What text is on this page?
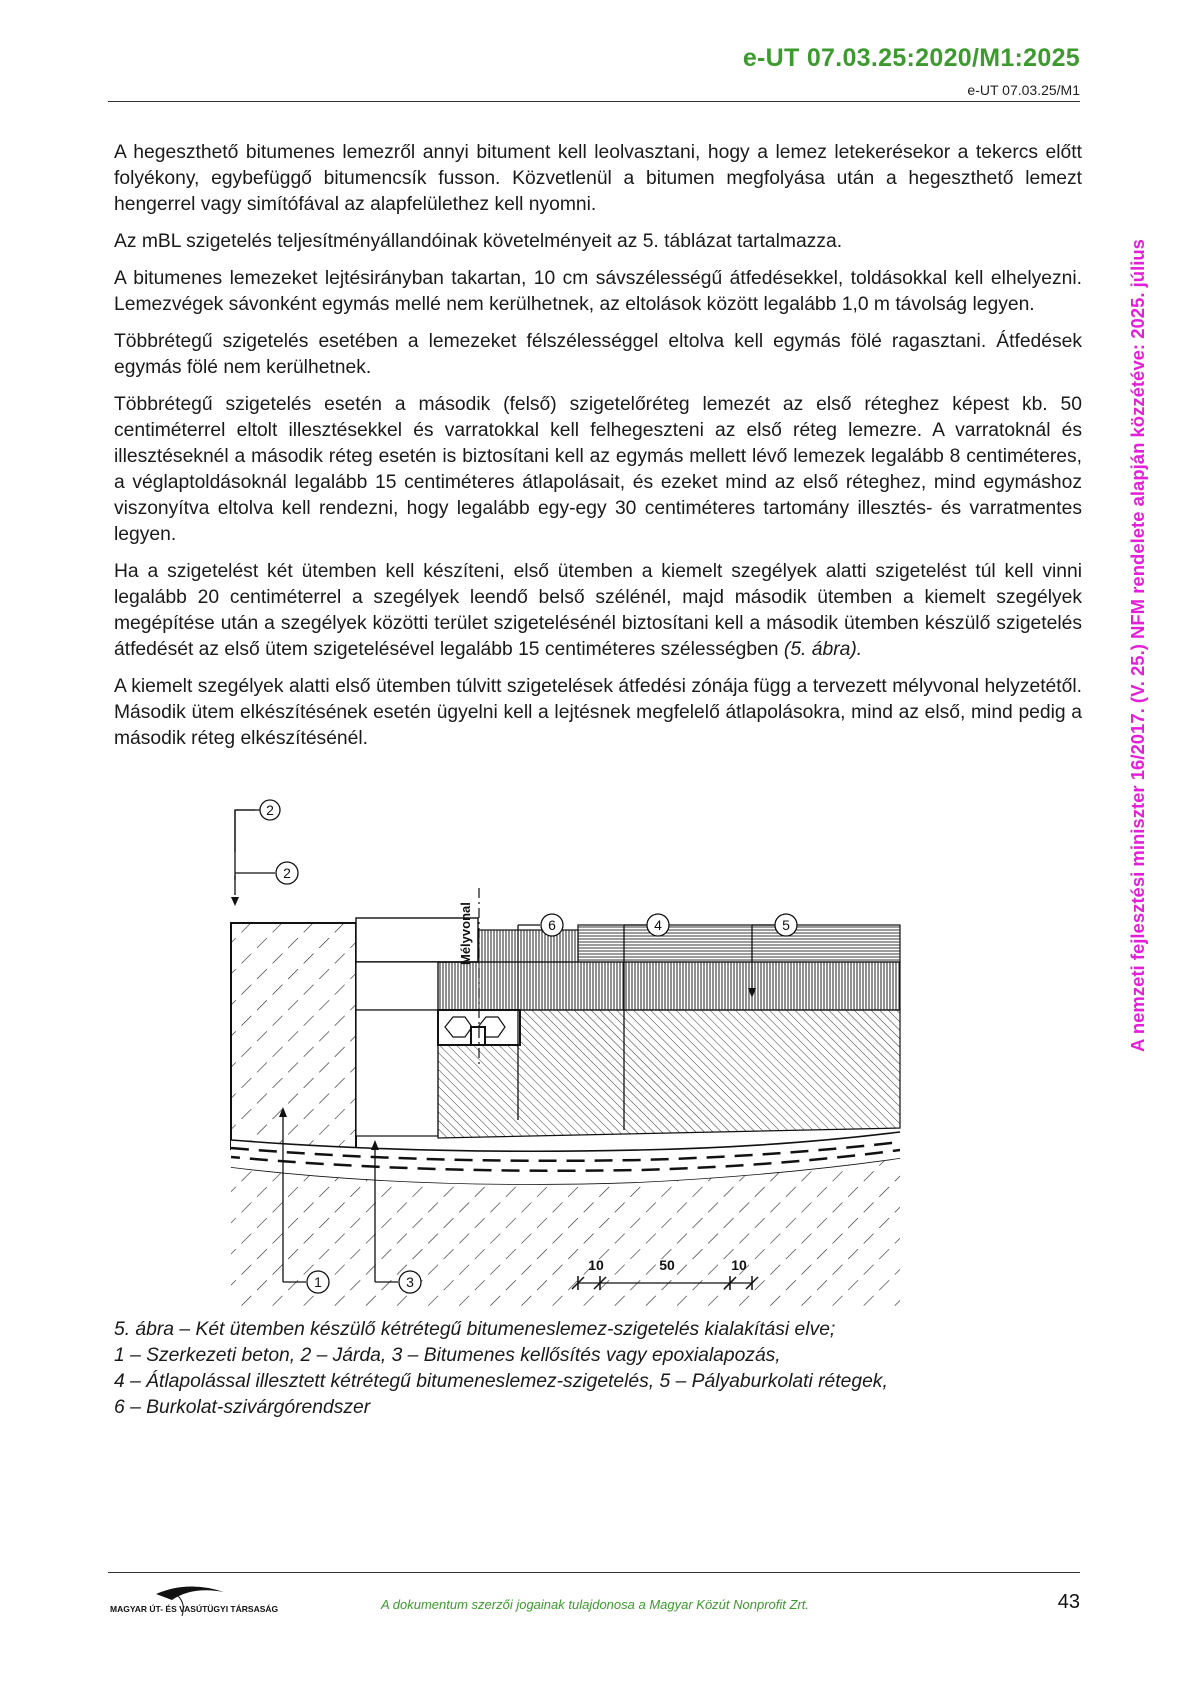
e-UT 07.03.25:2020/M1:2025
e-UT 07.03.25/M1
A nemzeti fejlesztési miniszter 16/2017. (V. 25.) NFM rendelete alapján közzétéve: 2025. július

A hegeszthető bitumenes lemezről annyi bitument kell leolvasztani, hogy a lemez letekerésekor a tekercs előtt folyékony, egybefüggő bitumencsík fusson. Közvetlenül a bitumen megfolyása után a hegeszthető lemezt hengerrel vagy simítófával az alapfelülethez kell nyomni.

Az mBL szigetelés teljesítményállandóinak követelményeit az 5. táblázat tartalmazza.

A bitumenes lemezeket lejtésirányban takartan, 10 cm sávszélességű átfedésekkel, toldásokkal kell elhelyezni. Lemezvégek sávonként egymás mellé nem kerülhetnek, az eltolások között legalább 1,0 m távolság legyen.

Többrétegű szigetelés esetében a lemezeket félszélességgel eltolva kell egymás fölé ragasztani. Átfedések egymás fölé nem kerülhetnek.

Többrétegű szigetelés esetén a második (felső) szigetelőréteg lemezét az első réteghez képest kb. 50 centiméterrel eltolt illesztésekkel és varratokkal kell felhegeszteni az első réteg lemezre. A varratoknál és illesztéseknél a második réteg esetén is biztosítani kell az egymás mellett lévő lemezek legalább 8 centiméteres, a véglaptoldásoknál legalább 15 centiméteres átlapolásait, és ezeket mind az első réteghez, mind egymáshoz viszonyítva eltolva kell rendezni, hogy legalább egy-egy 30 centiméteres tartomány illesztés- és varratmentes legyen.

Ha a szigetelést két ütemben kell készíteni, első ütemben a kiemelt szegélyek alatti szigetelést túl kell vinni legalább 20 centiméterrel a szegélyek leendő belső szélénél, majd második ütemben a kiemelt szegélyek megépítése után a szegélyek közötti terület szigetelésénél biztosítani kell a második ütemben készülő szigetelés átfedését az első ütem szigetelésével legalább 15 centiméteres szélességben (5. ábra).

A kiemelt szegélyek alatti első ütemben túlvitt szigetelések átfedési zónája függ a tervezett mélyvonal helyzetétől. Második ütem elkészítésének esetén ügyelni kell a lejtésnek megfelelő átlapolásokra, mind az első, mind pedig a második réteg elkészítésénél.

Mélyvonal
2
2
6	4	5
1	3
10	50	10
5. ábra – Két ütemben készülő kétrétegű bitumeneslemez-szigetelés kialakítási elve;
1 – Szerkezeti beton, 2 – Járda, 3 – Bitumenes kellősítés vagy epoxialapozás,
4 – Átlapolással illesztett kétrétegű bitumeneslemez-szigetelés, 5 – Pályaburkolati rétegek,
6 – Burkolat-szivárgórendszer
MAGYAR ÚT- ÉS VASÚTÜGYI TÁRSASÁG	A dokumentum szerzői jogainak tulajdonosa a Magyar Közút Nonprofit Zrt.	43
